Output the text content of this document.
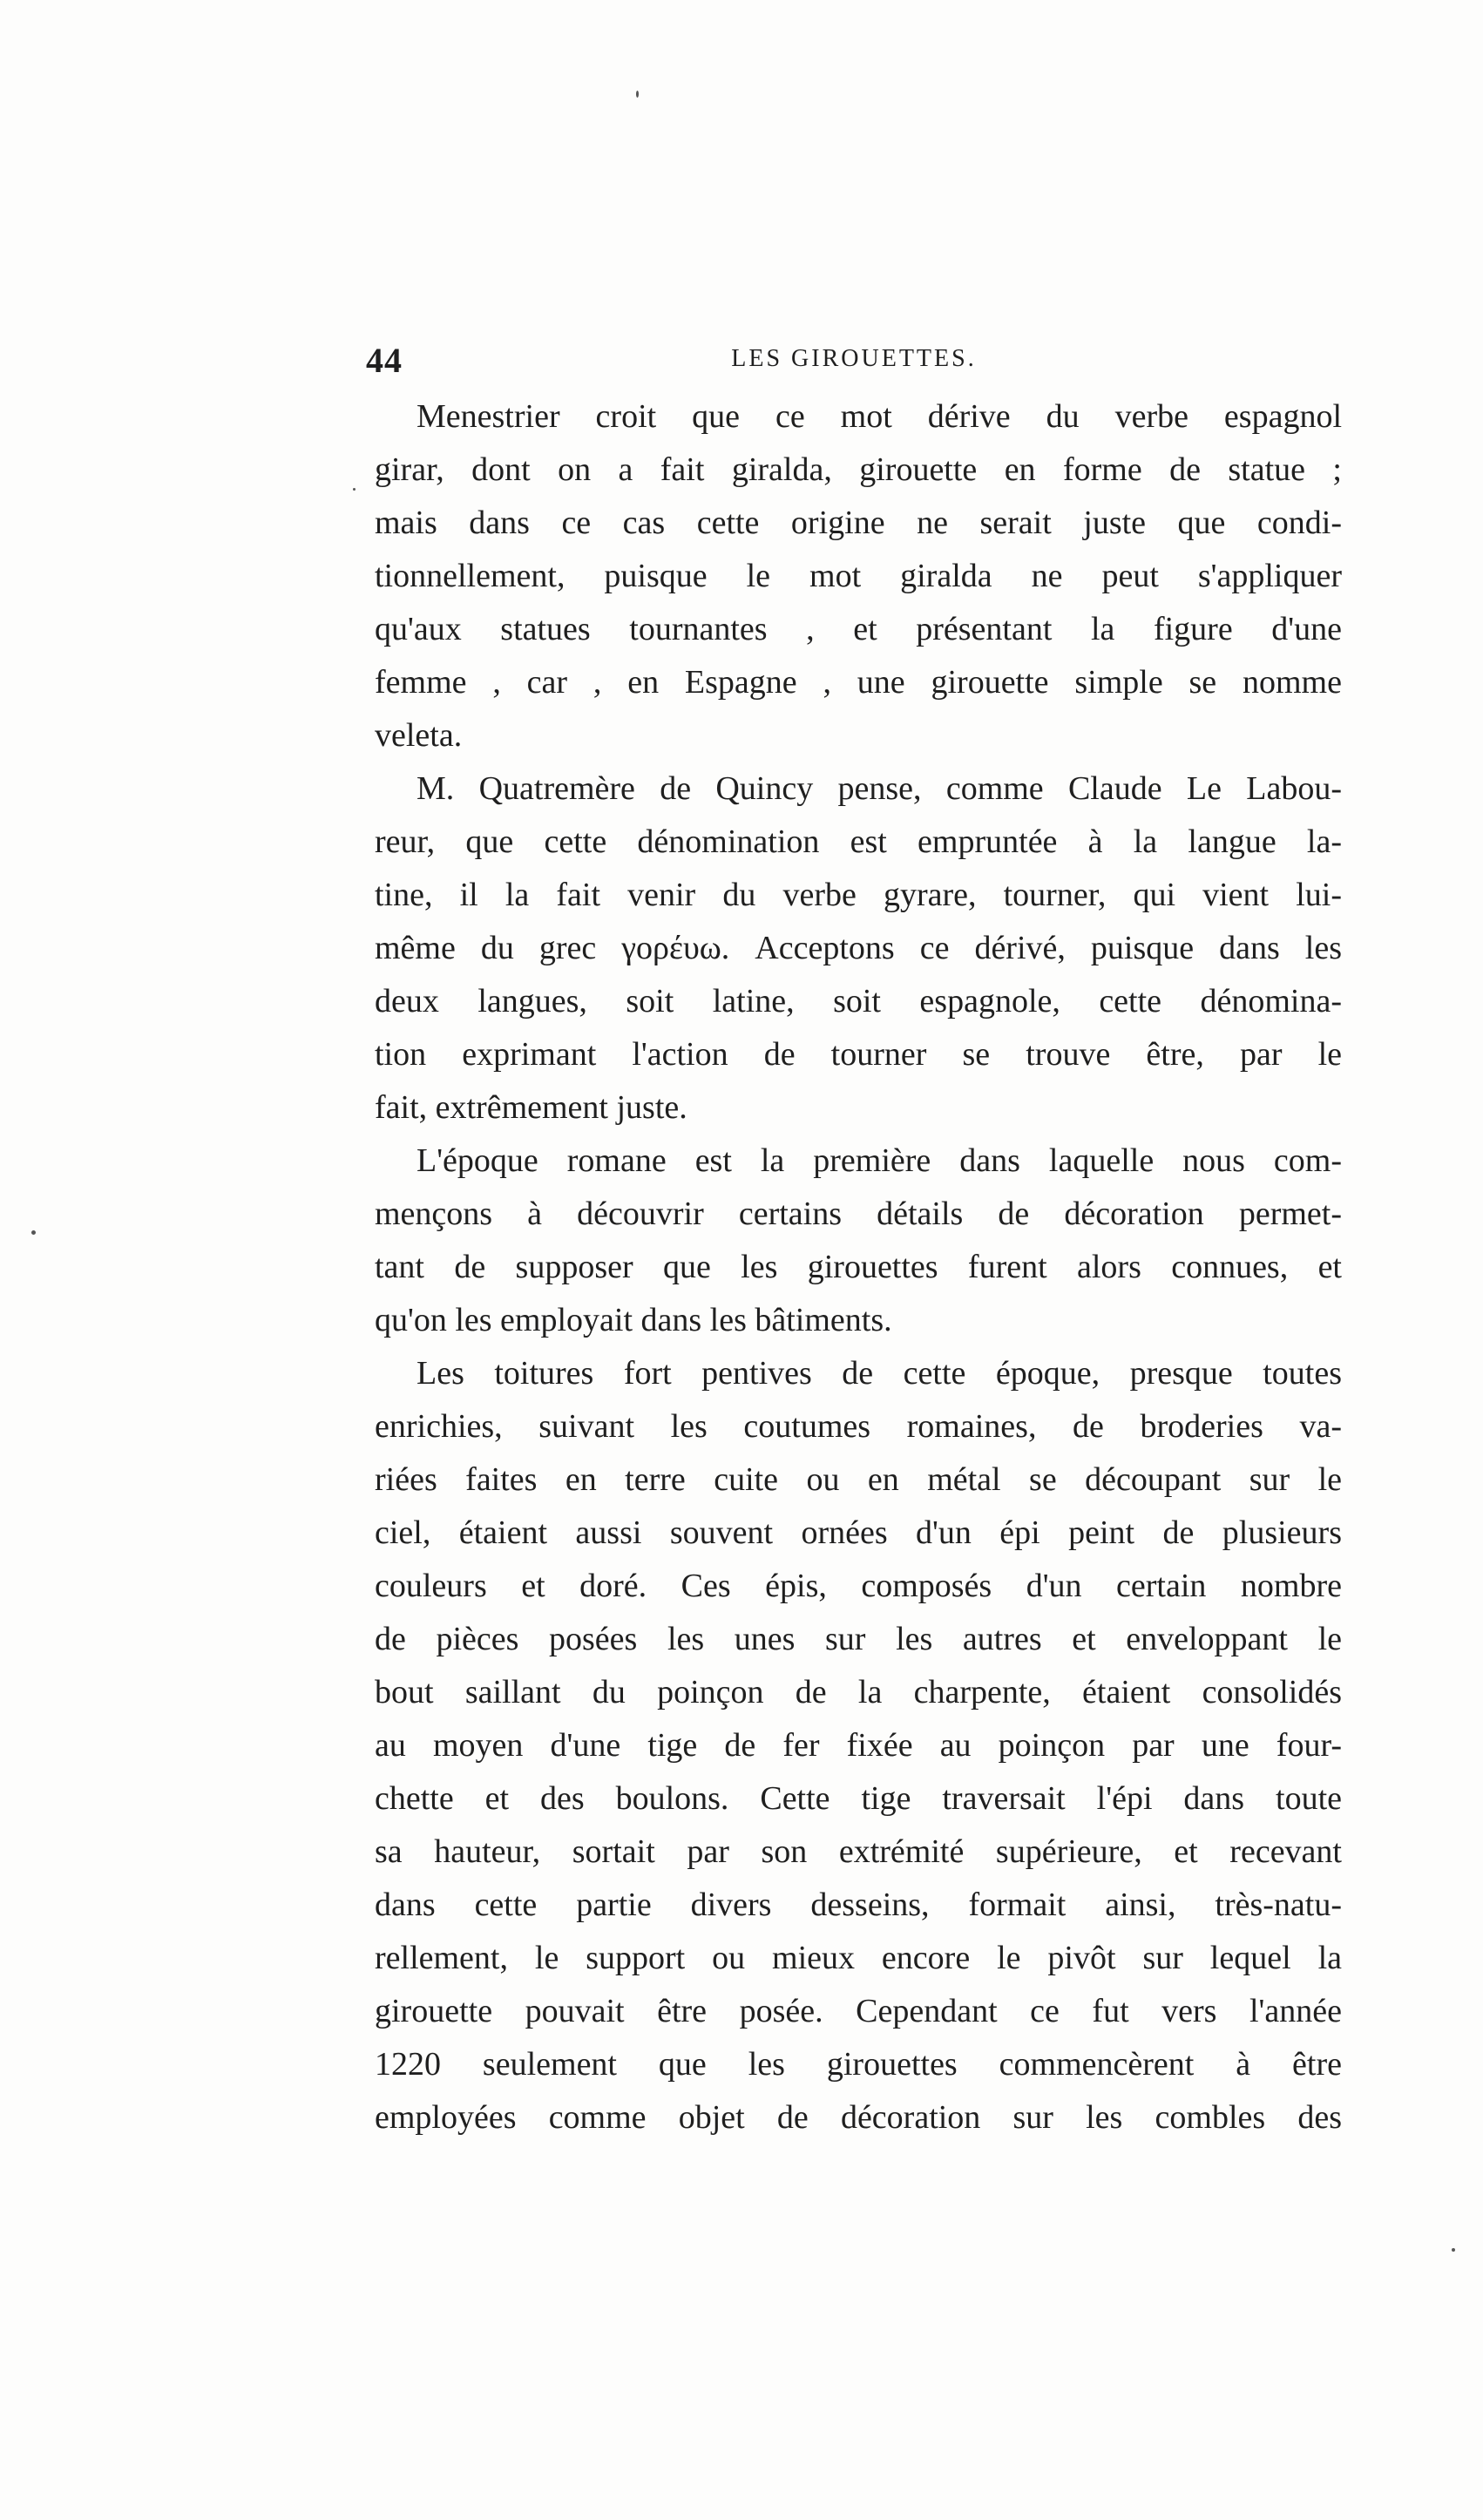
44	LES GIROUETTES.

Menestrier croit que ce mot dérive du verbe espagnol
girar, dont on a fait giralda, girouette en forme de statue ;
mais dans ce cas cette origine ne serait juste que condi-
tionnellement, puisque le mot giralda ne peut s'appliquer
qu'aux statues tournantes , et présentant la figure d'une
femme , car , en Espagne , une girouette simple se nomme
veleta.

M. Quatremère de Quincy pense, comme Claude Le Labou-
reur, que cette dénomination est empruntée à la langue la-
tine, il la fait venir du verbe gyrare, tourner, qui vient lui-
même du grec γορέυω. Acceptons ce dérivé, puisque dans les
deux langues, soit latine, soit espagnole, cette dénomina-
tion exprimant l'action de tourner se trouve être, par le
fait, extrêmement juste.

L'époque romane est la première dans laquelle nous com-
mençons à découvrir certains détails de décoration permet-
tant de supposer que les girouettes furent alors connues, et
qu'on les employait dans les bâtiments.

Les toitures fort pentives de cette époque, presque toutes
enrichies, suivant les coutumes romaines, de broderies va-
riées faites en terre cuite ou en métal se découpant sur le
ciel, étaient aussi souvent ornées d'un épi peint de plusieurs
couleurs et doré. Ces épis, composés d'un certain nombre
de pièces posées les unes sur les autres et enveloppant le
bout saillant du poinçon de la charpente, étaient consolidés
au moyen d'une tige de fer fixée au poinçon par une four-
chette et des boulons. Cette tige traversait l'épi dans toute
sa hauteur, sortait par son extrémité supérieure, et recevant
dans cette partie divers desseins, formait ainsi, très-natu-
rellement, le support ou mieux encore le pivôt sur lequel la
girouette pouvait être posée. Cependant ce fut vers l'année
1220 seulement que les girouettes commencèrent à être
employées comme objet de décoration sur les combles des
